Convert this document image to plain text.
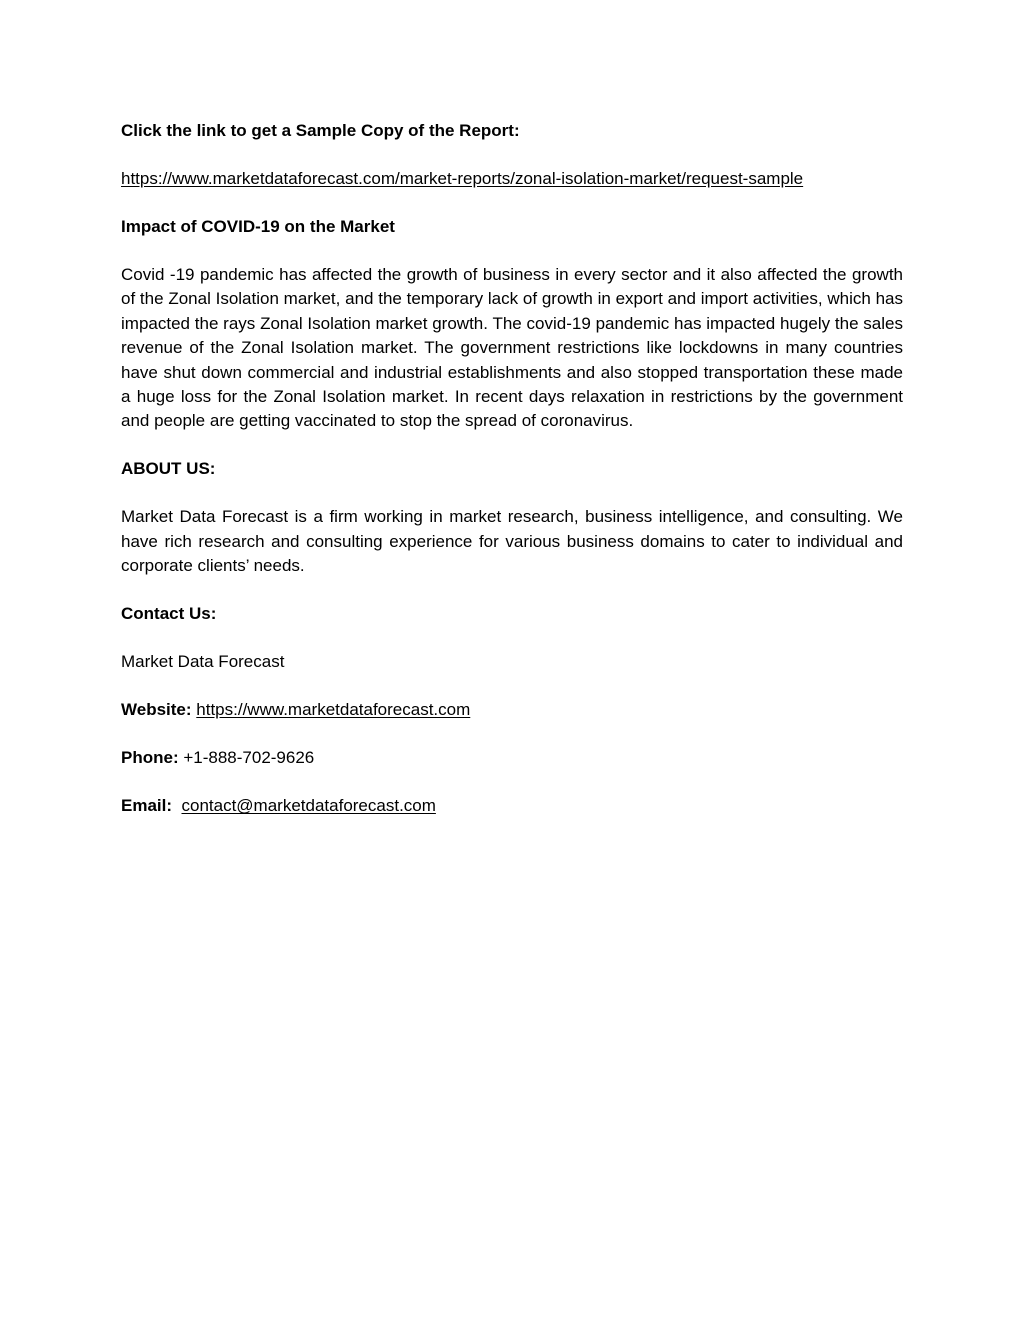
Click the link to get a Sample Copy of the Report:

https://www.marketdataforecast.com/market-reports/zonal-isolation-market/request-sample

Impact of COVID-19 on the Market

Covid -19 pandemic has affected the growth of business in every sector and it also affected the growth of the Zonal Isolation market, and the temporary lack of growth in export and import activities, which has impacted the rays Zonal Isolation market growth. The covid-19 pandemic has impacted hugely the sales revenue of the Zonal Isolation market. The government restrictions like lockdowns in many countries have shut down commercial and industrial establishments and also stopped transportation these made a huge loss for the Zonal Isolation market. In recent days relaxation in restrictions by the government and people are getting vaccinated to stop the spread of coronavirus.

ABOUT US:

Market Data Forecast is a firm working in market research, business intelligence, and consulting. We have rich research and consulting experience for various business domains to cater to individual and corporate clients’ needs.

Contact Us:

Market Data Forecast

Website: https://www.marketdataforecast.com

Phone: +1-888-702-9626

Email: contact@marketdataforecast.com
